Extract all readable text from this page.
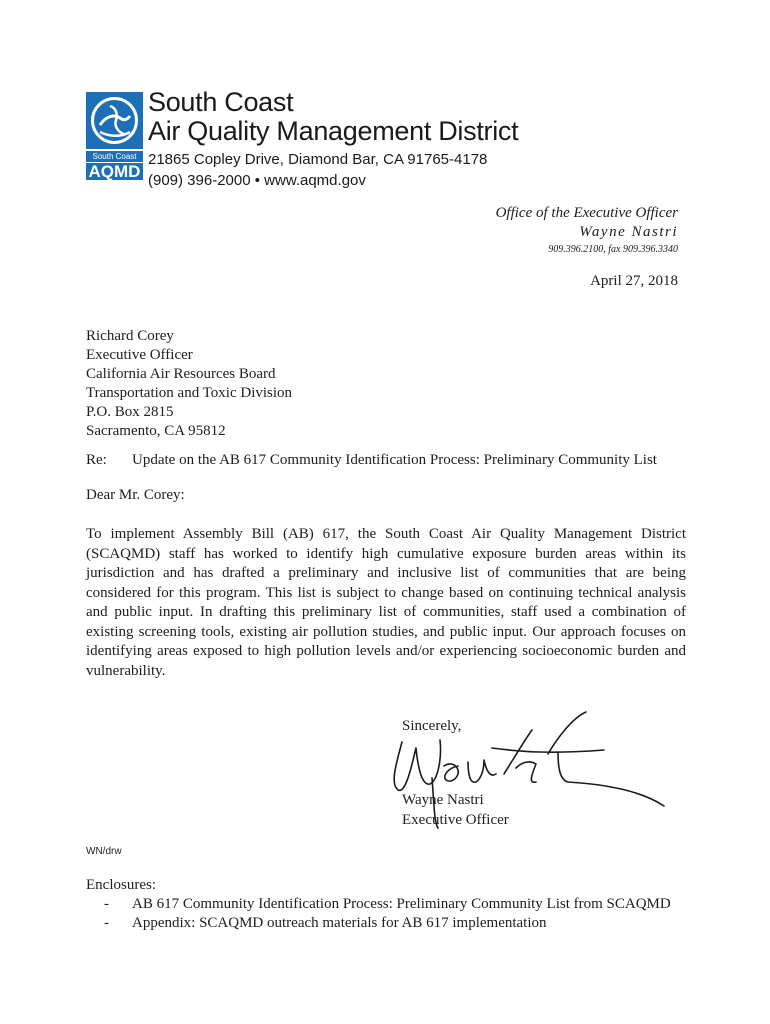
South Coast
AQMD
South Coast
Air Quality Management District
21865 Copley Drive, Diamond Bar, CA 91765-4178
(909) 396-2000 • www.aqmd.gov
Office of the Executive Officer
Wayne Nastri
909.396.2100, fax 909.396.3340
April 27, 2018
Richard Corey
Executive Officer
California Air Resources Board
Transportation and Toxic Division
P.O. Box 2815
Sacramento, CA 95812
Re: Update on the AB 617 Community Identification Process: Preliminary Community List
Dear Mr. Corey:
To implement Assembly Bill (AB) 617, the South Coast Air Quality Management District (SCAQMD) staff has worked to identify high cumulative exposure burden areas within its jurisdiction and has drafted a preliminary and inclusive list of communities that are being considered for this program. This list is subject to change based on continuing technical analysis and public input. In drafting this preliminary list of communities, staff used a combination of existing screening tools, existing air pollution studies, and public input. Our approach focuses on identifying areas exposed to high pollution levels and/or experiencing socioeconomic burden and vulnerability.
Sincerely,
Wayne Nastri
Executive Officer
WN/drw
Enclosures:
- AB 617 Community Identification Process: Preliminary Community List from SCAQMD
- Appendix: SCAQMD outreach materials for AB 617 implementation
